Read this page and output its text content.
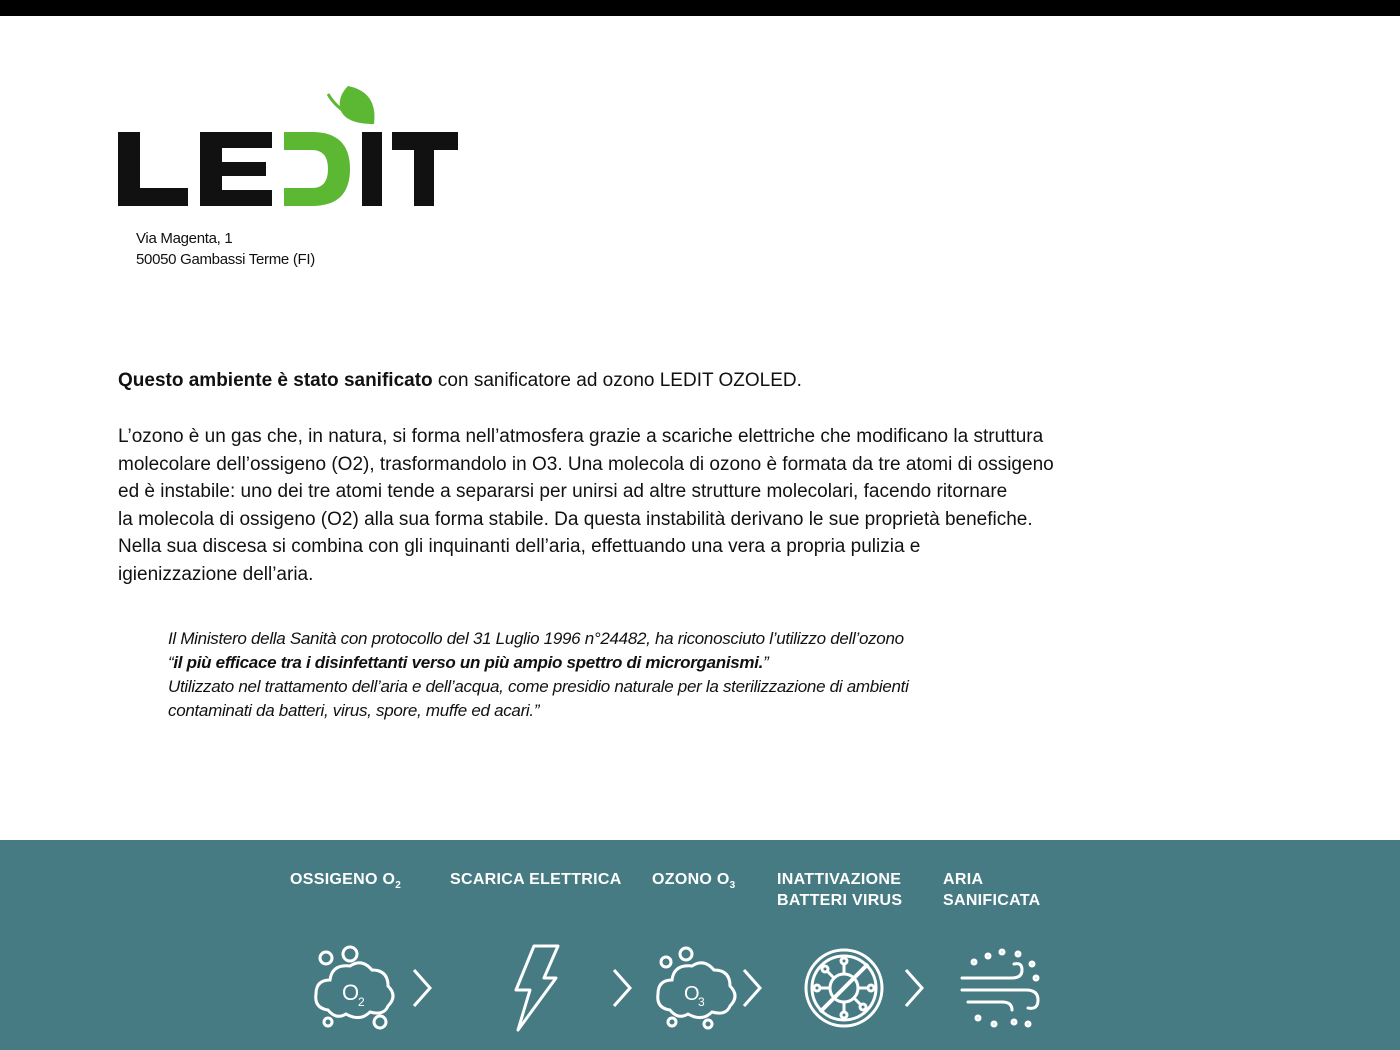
Via Magenta, 1
50050 Gambassi Terme (FI)
Questo ambiente è stato sanificato con sanificatore ad ozono LEDIT OZOLED.
L’ozono è un gas che, in natura, si forma nell’atmosfera grazie a scariche elettriche che modificano la struttura
molecolare dell’ossigeno (O2), trasformandolo in O3. Una molecola di ozono è formata da tre atomi di ossigeno
ed è instabile: uno dei tre atomi tende a separarsi per unirsi ad altre strutture molecolari, facendo ritornare
la molecola di ossigeno (O2) alla sua forma stabile. Da questa instabilità derivano le sue proprietà benefiche.
Nella sua discesa si combina con gli inquinanti dell’aria, effettuando una vera a propria pulizia e
igienizzazione dell’aria.
Il Ministero della Sanità con protocollo del 31 Luglio 1996 n°24482, ha riconosciuto l’utilizzo dell’ozono
“il più efficace tra i disinfettanti verso un più ampio spettro di microrganismi.”
Utilizzato nel trattamento dell’aria e dell’acqua, come presidio naturale per la sterilizzazione di ambienti
contaminati da batteri, virus, spore, muffe ed acari.”
OSSIGENO $O_2$	SCARICA ELETTRICA OZONO $O_3$	INATTIVAZIONE
BATTERI VIRUS
ARIA
SANIFICATA
O
2	O
3
